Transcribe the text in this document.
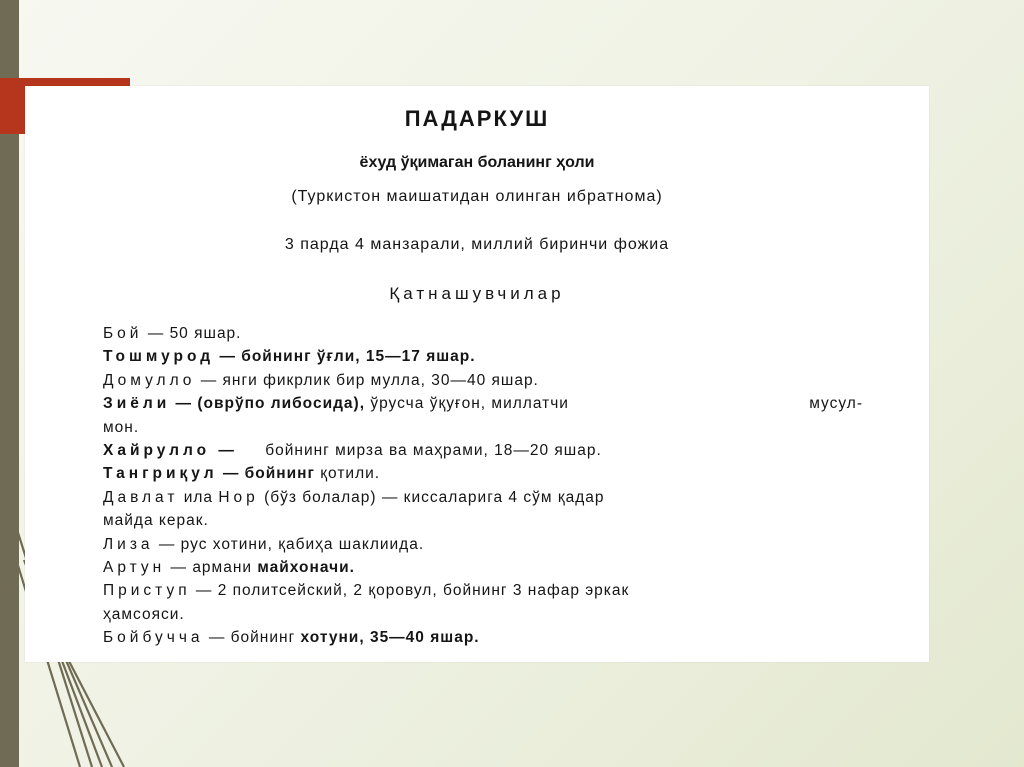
ПАДАРКУШ
ёхуд ўқимаган боланинг ҳоли
(Туркистон маишатидан олинган ибратнома)
3 парда 4 манзарали, миллий биринчи фожиа
Қатнашувчилар
Бой — 50 яшар.
Тошмурод — бойнинг ўғли, 15—17 яшар.
Домулло — янги фикрлик бир мулла, 30—40 яшар.
Зиёли — (оврўпо либосида), ўрусча ўқуғон, миллатчи	мусул-
мон.
Хайрулло — бойнинг мирза ва маҳрами, 18—20 яшар.
Тангриқул — бойнинг қотили.
Давлат ила Нор (бўз болалар) — киссаларига 4 сўм қадар
майда керак.
Лиза — рус хотини, қабиҳа шаклиида.
Артун — армани майхоначи.
Приступ — 2 политсейский, 2 қоровул, бойнинг 3 нафар эркак
ҳамсояси.
Бойбучча — бойнинг хотуни, 35—40 яшар.
